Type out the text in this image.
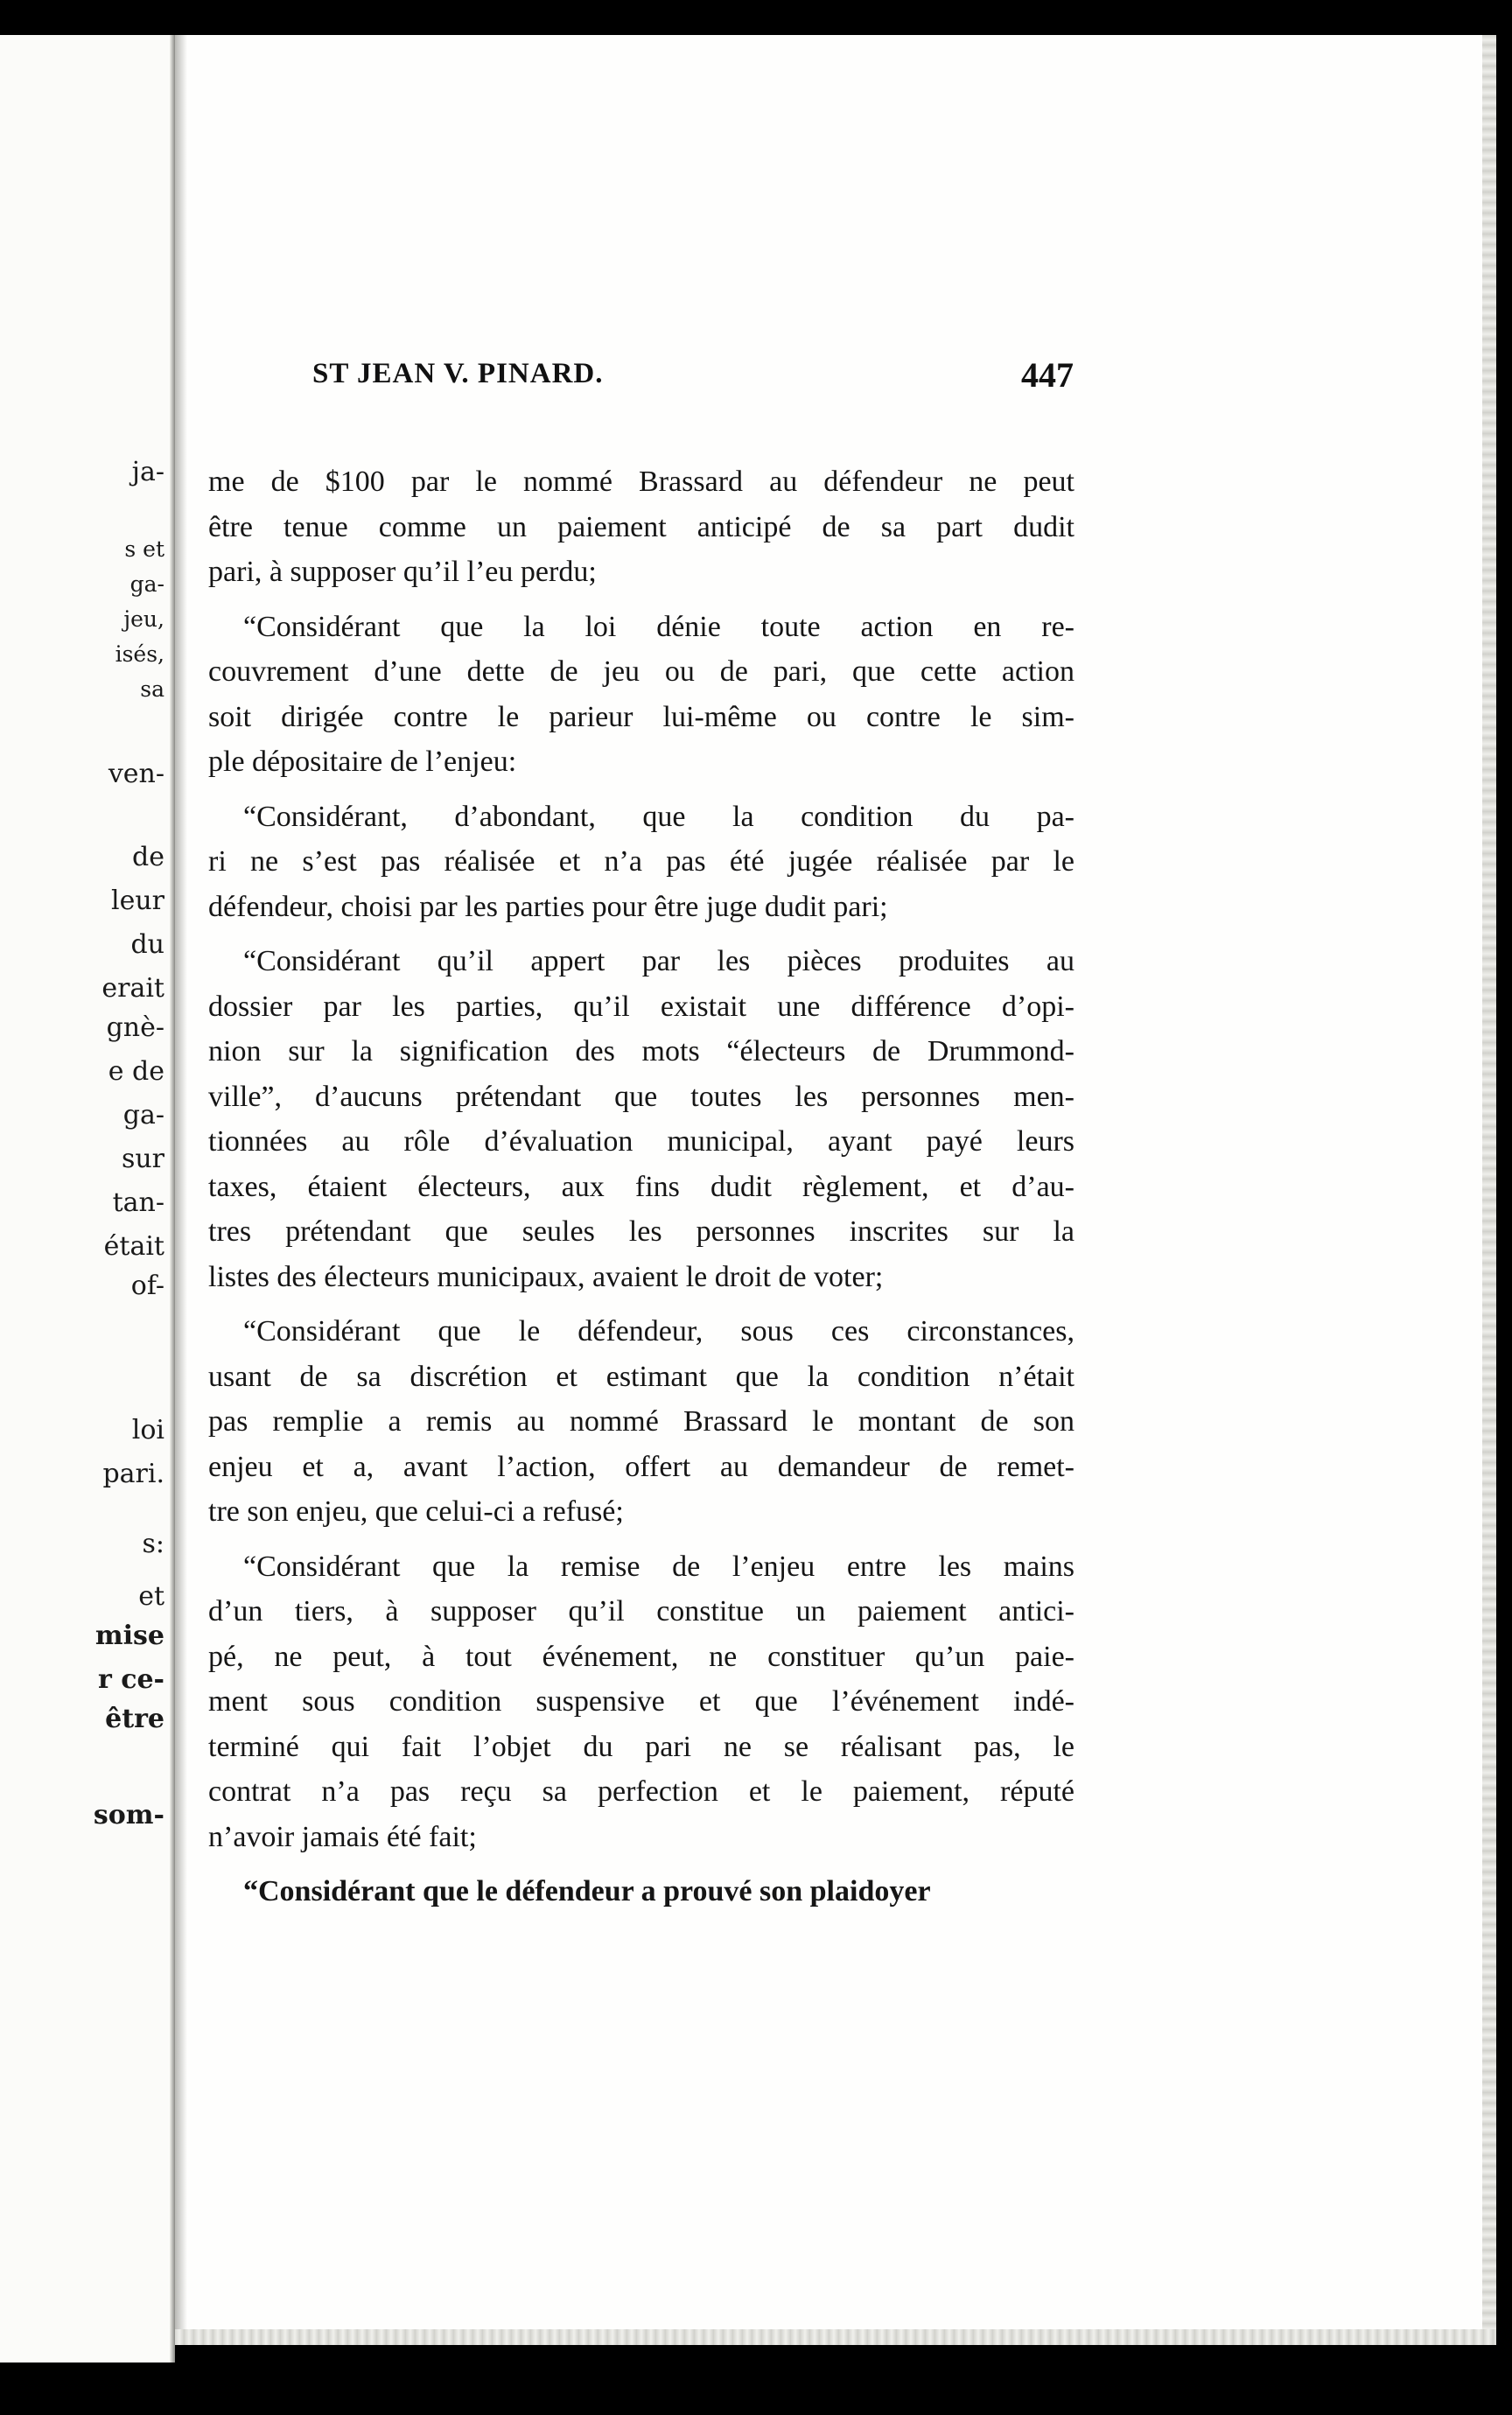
ja-
s et
ga-
jeu,
isés,
sa
ven-
de
leur
du
erait
gnè-
e de
ga-
sur
tan-
était
of-
loi
pari.
s:
et
mise
r ce-
être
som-
ST JEAN V. PINARD.	447
me de $100 par le nommé Brassard au défendeur ne peut
être tenue comme un paiement anticipé de sa part dudit
pari, à supposer qu’il l’eu perdu;
“Considérant que la loi dénie toute action en re-
couvrement d’une dette de jeu ou de pari, que cette action
soit dirigée contre le parieur lui-même ou contre le sim-
ple dépositaire de l’enjeu:
“Considérant, d’abondant, que la condition du pa-
ri ne s’est pas réalisée et n’a pas été jugée réalisée par le
défendeur, choisi par les parties pour être juge dudit pari;
“Considérant qu’il appert par les pièces produites au
dossier par les parties, qu’il existait une différence d’opi-
nion sur la signification des mots “électeurs de Drummond-
ville”, d’aucuns prétendant que toutes les personnes men-
tionnées au rôle d’évaluation municipal, ayant payé leurs
taxes, étaient électeurs, aux fins dudit règlement, et d’au-
tres prétendant que seules les personnes inscrites sur la
listes des électeurs municipaux, avaient le droit de voter;
“Considérant que le défendeur, sous ces circonstances,
usant de sa discrétion et estimant que la condition n’était
pas remplie a remis au nommé Brassard le montant de son
enjeu et a, avant l’action, offert au demandeur de remet-
tre son enjeu, que celui-ci a refusé;
“Considérant que la remise de l’enjeu entre les mains
d’un tiers, à supposer qu’il constitue un paiement antici-
pé, ne peut, à tout événement, ne constituer qu’un paie-
ment sous condition suspensive et que l’événement indé-
terminé qui fait l’objet du pari ne se réalisant pas, le
contrat n’a pas reçu sa perfection et le paiement, réputé
n’avoir jamais été fait;
“Considérant que le défendeur a prouvé son plaidoyer
